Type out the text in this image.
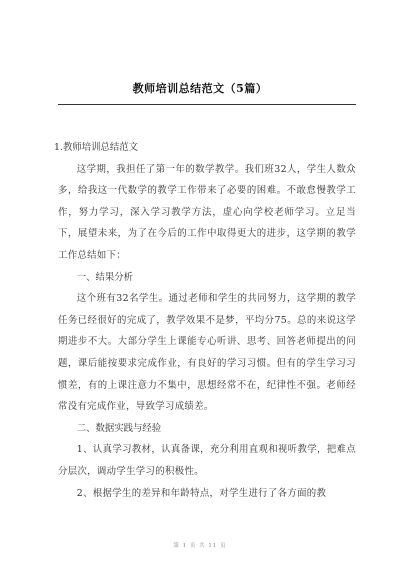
教师培训总结范文（5篇）

1.教师培训总结范文

这学期，我担任了第一年的数学教学。我们班32人，学生人数众多，给我这一代数学的教学工作带来了必要的困难。不敢怠慢教学工作，努力学习，深入学习教学方法，虚心向学校老师学习。立足当下，展望未来，为了在今后的工作中取得更大的进步，这学期的教学工作总结如下：

一、结果分析

这个班有32名学生。通过老师和学生的共同努力，这学期的教学任务已经很好的完成了，教学效果不是梦，平均分75。总的来说这学期进步不大。大部分学生上课能专心听讲、思考、回答老师提出的问题，课后能按要求完成作业，有良好的学习习惯。但有的学生学习习惯差，有的上课注意力不集中，思想经常不在，纪律性不强。老师经常没有完成作业，导致学习成绩差。

二、数据实践与经验

1、认真学习教材，认真备课，充分利用直观和视听教学，把难点分层次，调动学生学习的积极性。

2、根据学生的差异和年龄特点，对学生进行了各方面的教

第 1 页 共 11 页
